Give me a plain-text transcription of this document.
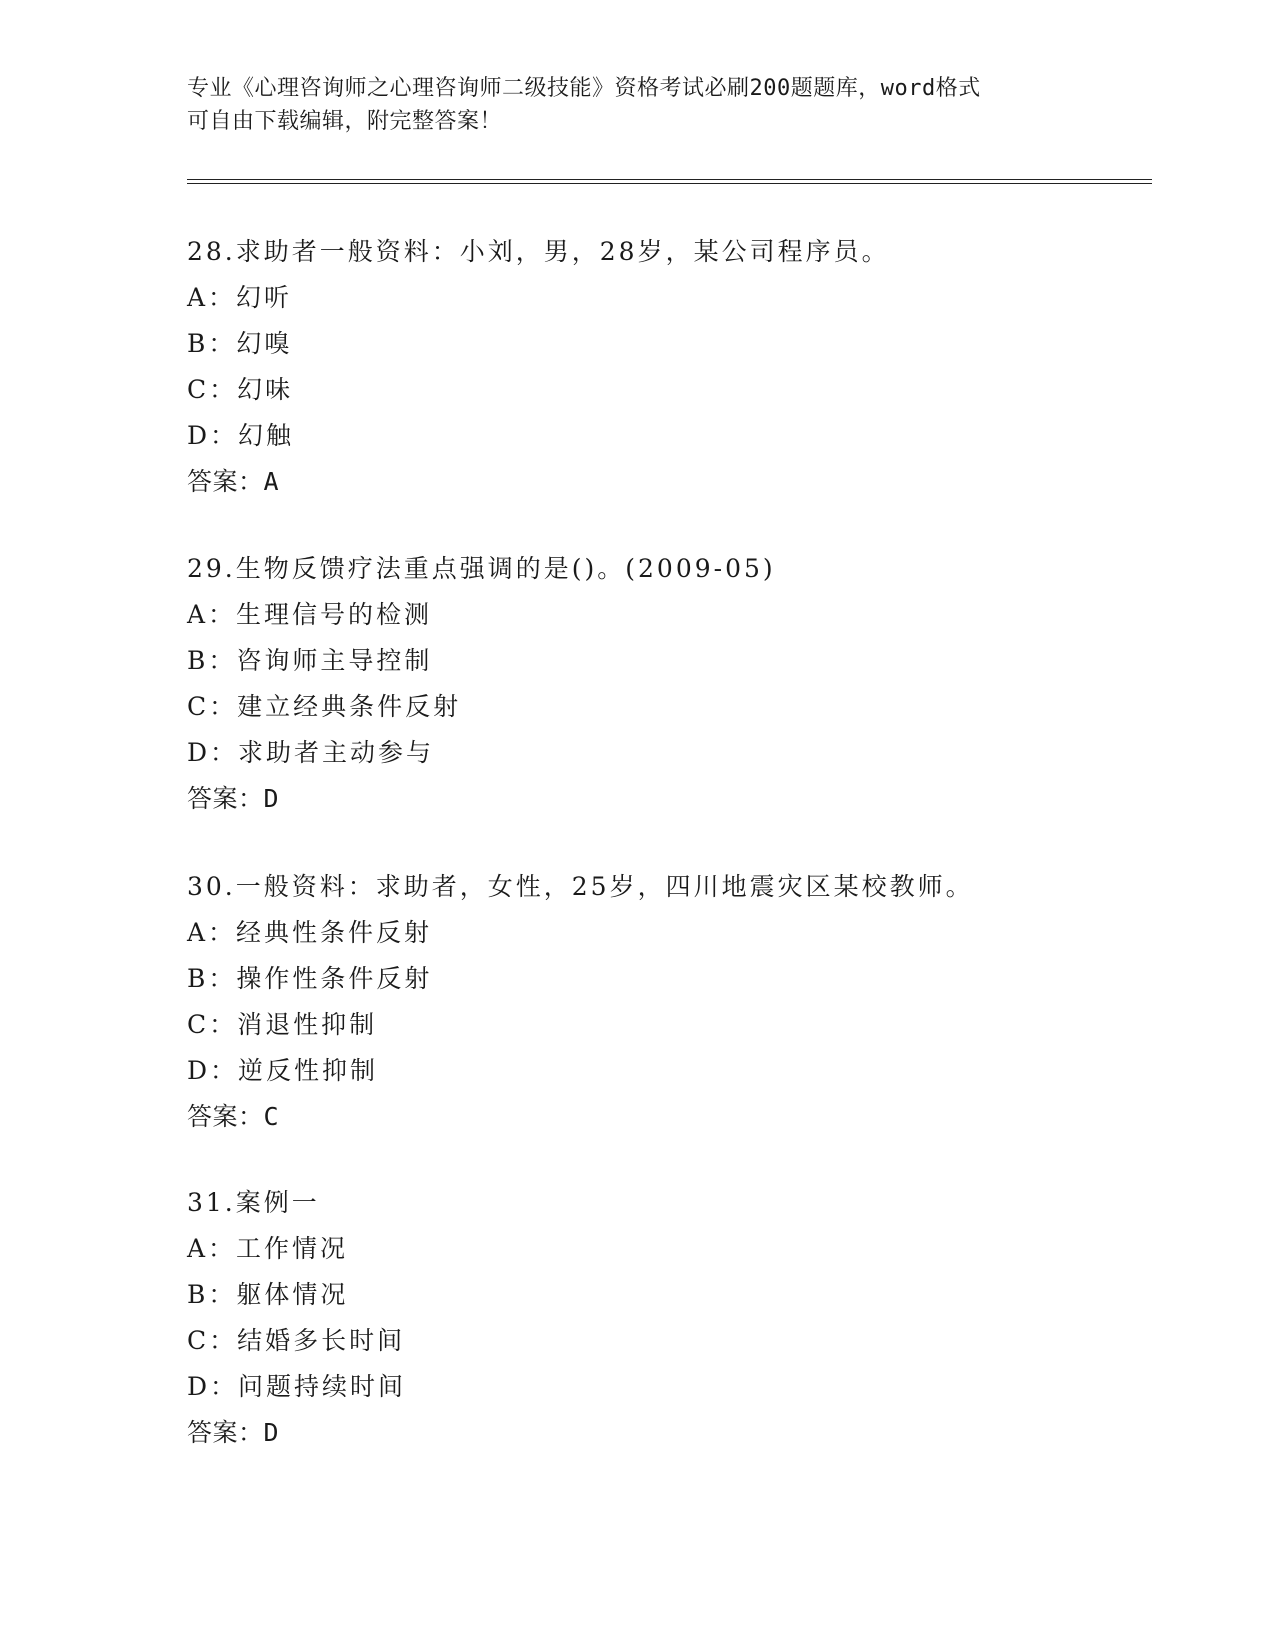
专业《心理咨询师之心理咨询师二级技能》资格考试必刷200题题库，word格式
可自由下载编辑，附完整答案！
28.求助者一般资料：小刘，男，28岁，某公司程序员。
A：幻听
B：幻嗅
C：幻味
D：幻触
答案：A
29.生物反馈疗法重点强调的是()。(2009-05)
A：生理信号的检测
B：咨询师主导控制
C：建立经典条件反射
D：求助者主动参与
答案：D
30.一般资料：求助者，女性，25岁，四川地震灾区某校教师。
A：经典性条件反射
B：操作性条件反射
C：消退性抑制
D：逆反性抑制
答案：C
31.案例一
A：工作情况
B：躯体情况
C：结婚多长时间
D：问题持续时间
答案：D
